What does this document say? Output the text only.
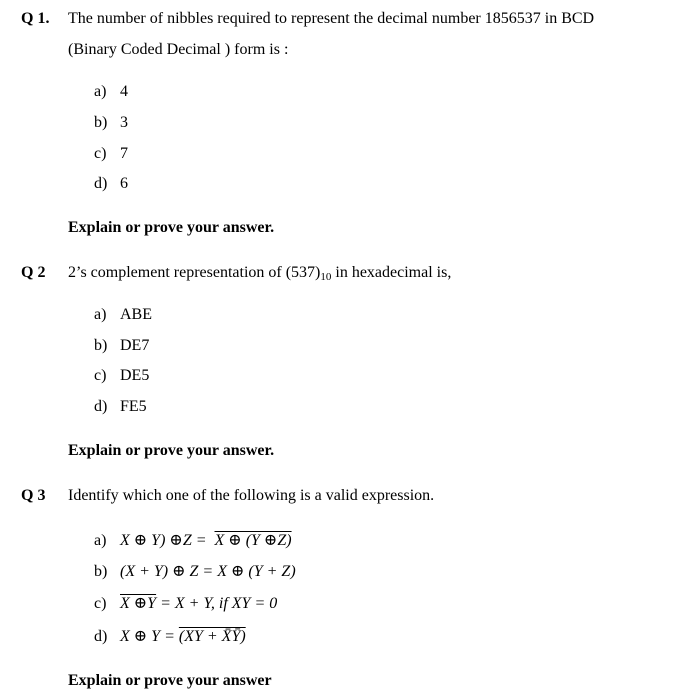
Q 1. The number of nibbles required to represent the decimal number 1856537 in BCD
(Binary Coded Decimal ) form is :
a) 4
b) 3
c) 7
d) 6
Explain or prove your answer.
Q 2 2’s complement representation of (537)10 in hexadecimal is,
a) ABE
b) DE7
c) DE5
d) FE5
Explain or prove your answer.
Q 3 Identify which one of the following is a valid expression.
a) X ⊕ Y) ⊕Z = X ⊕ (Y ⊕Z)
b) (X + Y) ⊕ Z = X ⊕ (Y + Z)
c) X ⊕Y = X + Y, if XY = 0
d) X ⊕ Y = (XY + X̄Ȳ)
Explain or prove your answer
